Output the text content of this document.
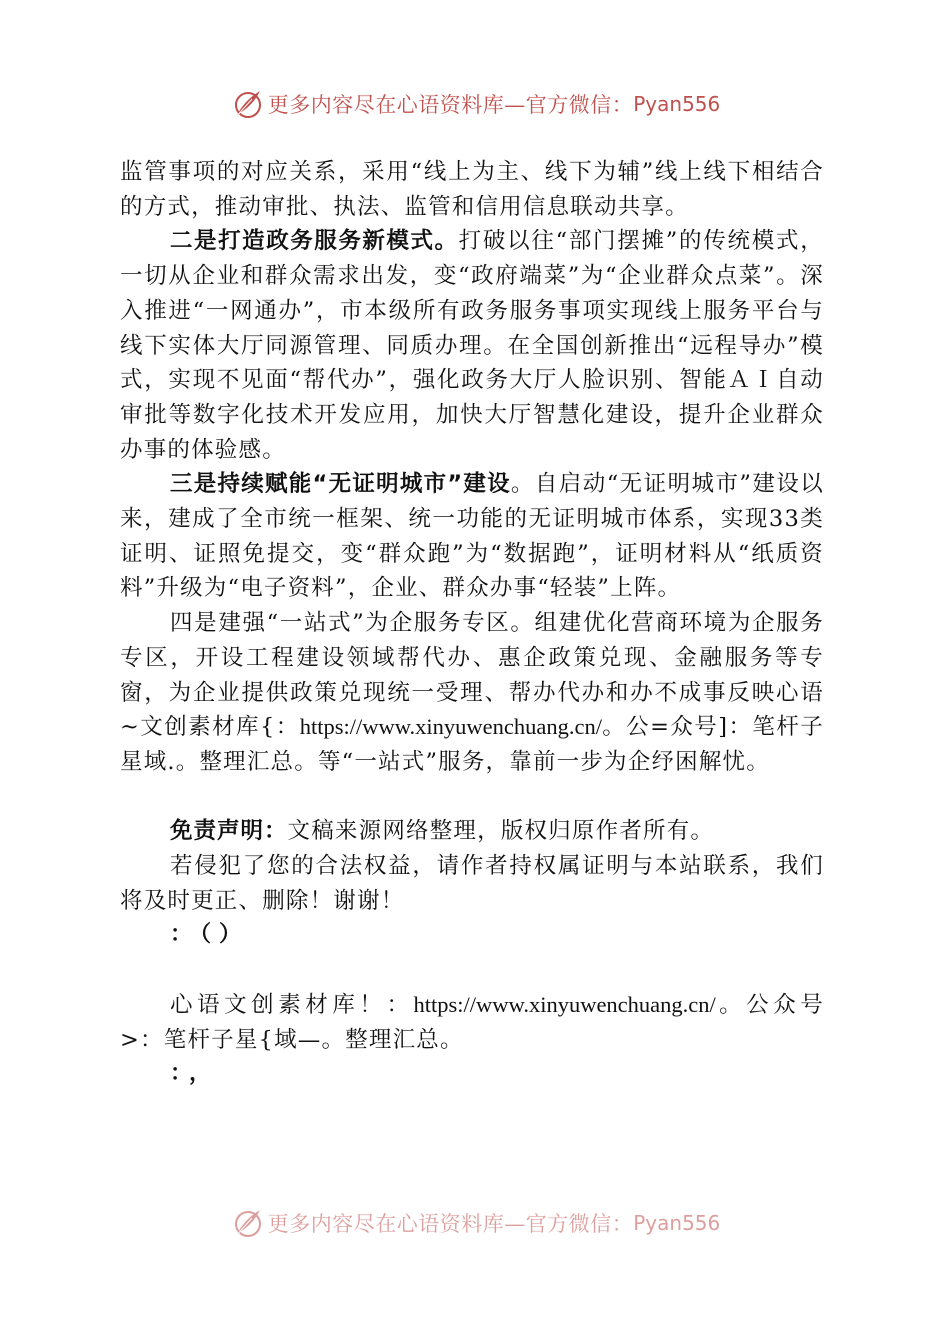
更多内容尽在心语资料库—官方微信： Pyan556

监管事项的对应关系，采用“线上为主、线下为辅”线上线下相结合的方式，推动审批、执法、监管和信用信息联动共享。

二是打造政务服务新模式。打破以往“部门摆摊”的传统模式，一切从企业和群众需求出发，变“政府端菜”为“企业群众点菜”。深入推进“一网通办”，市本级所有政务服务事项实现线上服务平台与线下实体大厅同源管理、同质办理。在全国创新推出“远程导办”模式，实现不见面“帮代办”，强化政务大厅人脸识别、智能ＡＩ自动审批等数字化技术开发应用，加快大厅智慧化建设，提升企业群众办事的体验感。

三是持续赋能“无证明城市”建设。自启动“无证明城市”建设以来，建成了全市统一框架、统一功能的无证明城市体系，实现33类证明、证照免提交，变“群众跑”为“数据跑”，证明材料从“纸质资料”升级为“电子资料”，企业、群众办事“轻装”上阵。

四是建强“一站式”为企服务专区。组建优化营商环境为企服务专区，开设工程建设领域帮代办、惠企政策兑现、金融服务等专窗，为企业提供政策兑现统一受理、帮办代办和办不成事反映心语~文创素材库{：https://www.xinyuwenchuang.cn/。公=众号]：笔杆子星域.。整理汇总。等“一站式”服务，靠前一步为企纾困解忧。

免责声明：文稿来源网络整理，版权归原作者所有。

若侵犯了您的合法权益，请作者持权属证明与本站联系，我们将及时更正、删除！谢谢！

：（）

心语文创素材库！：https://www.xinyuwenchuang.cn/。公众号>：笔杆子星{域—。整理汇总。

：，
更多内容尽在心语资料库—官方微信： Pyan556
